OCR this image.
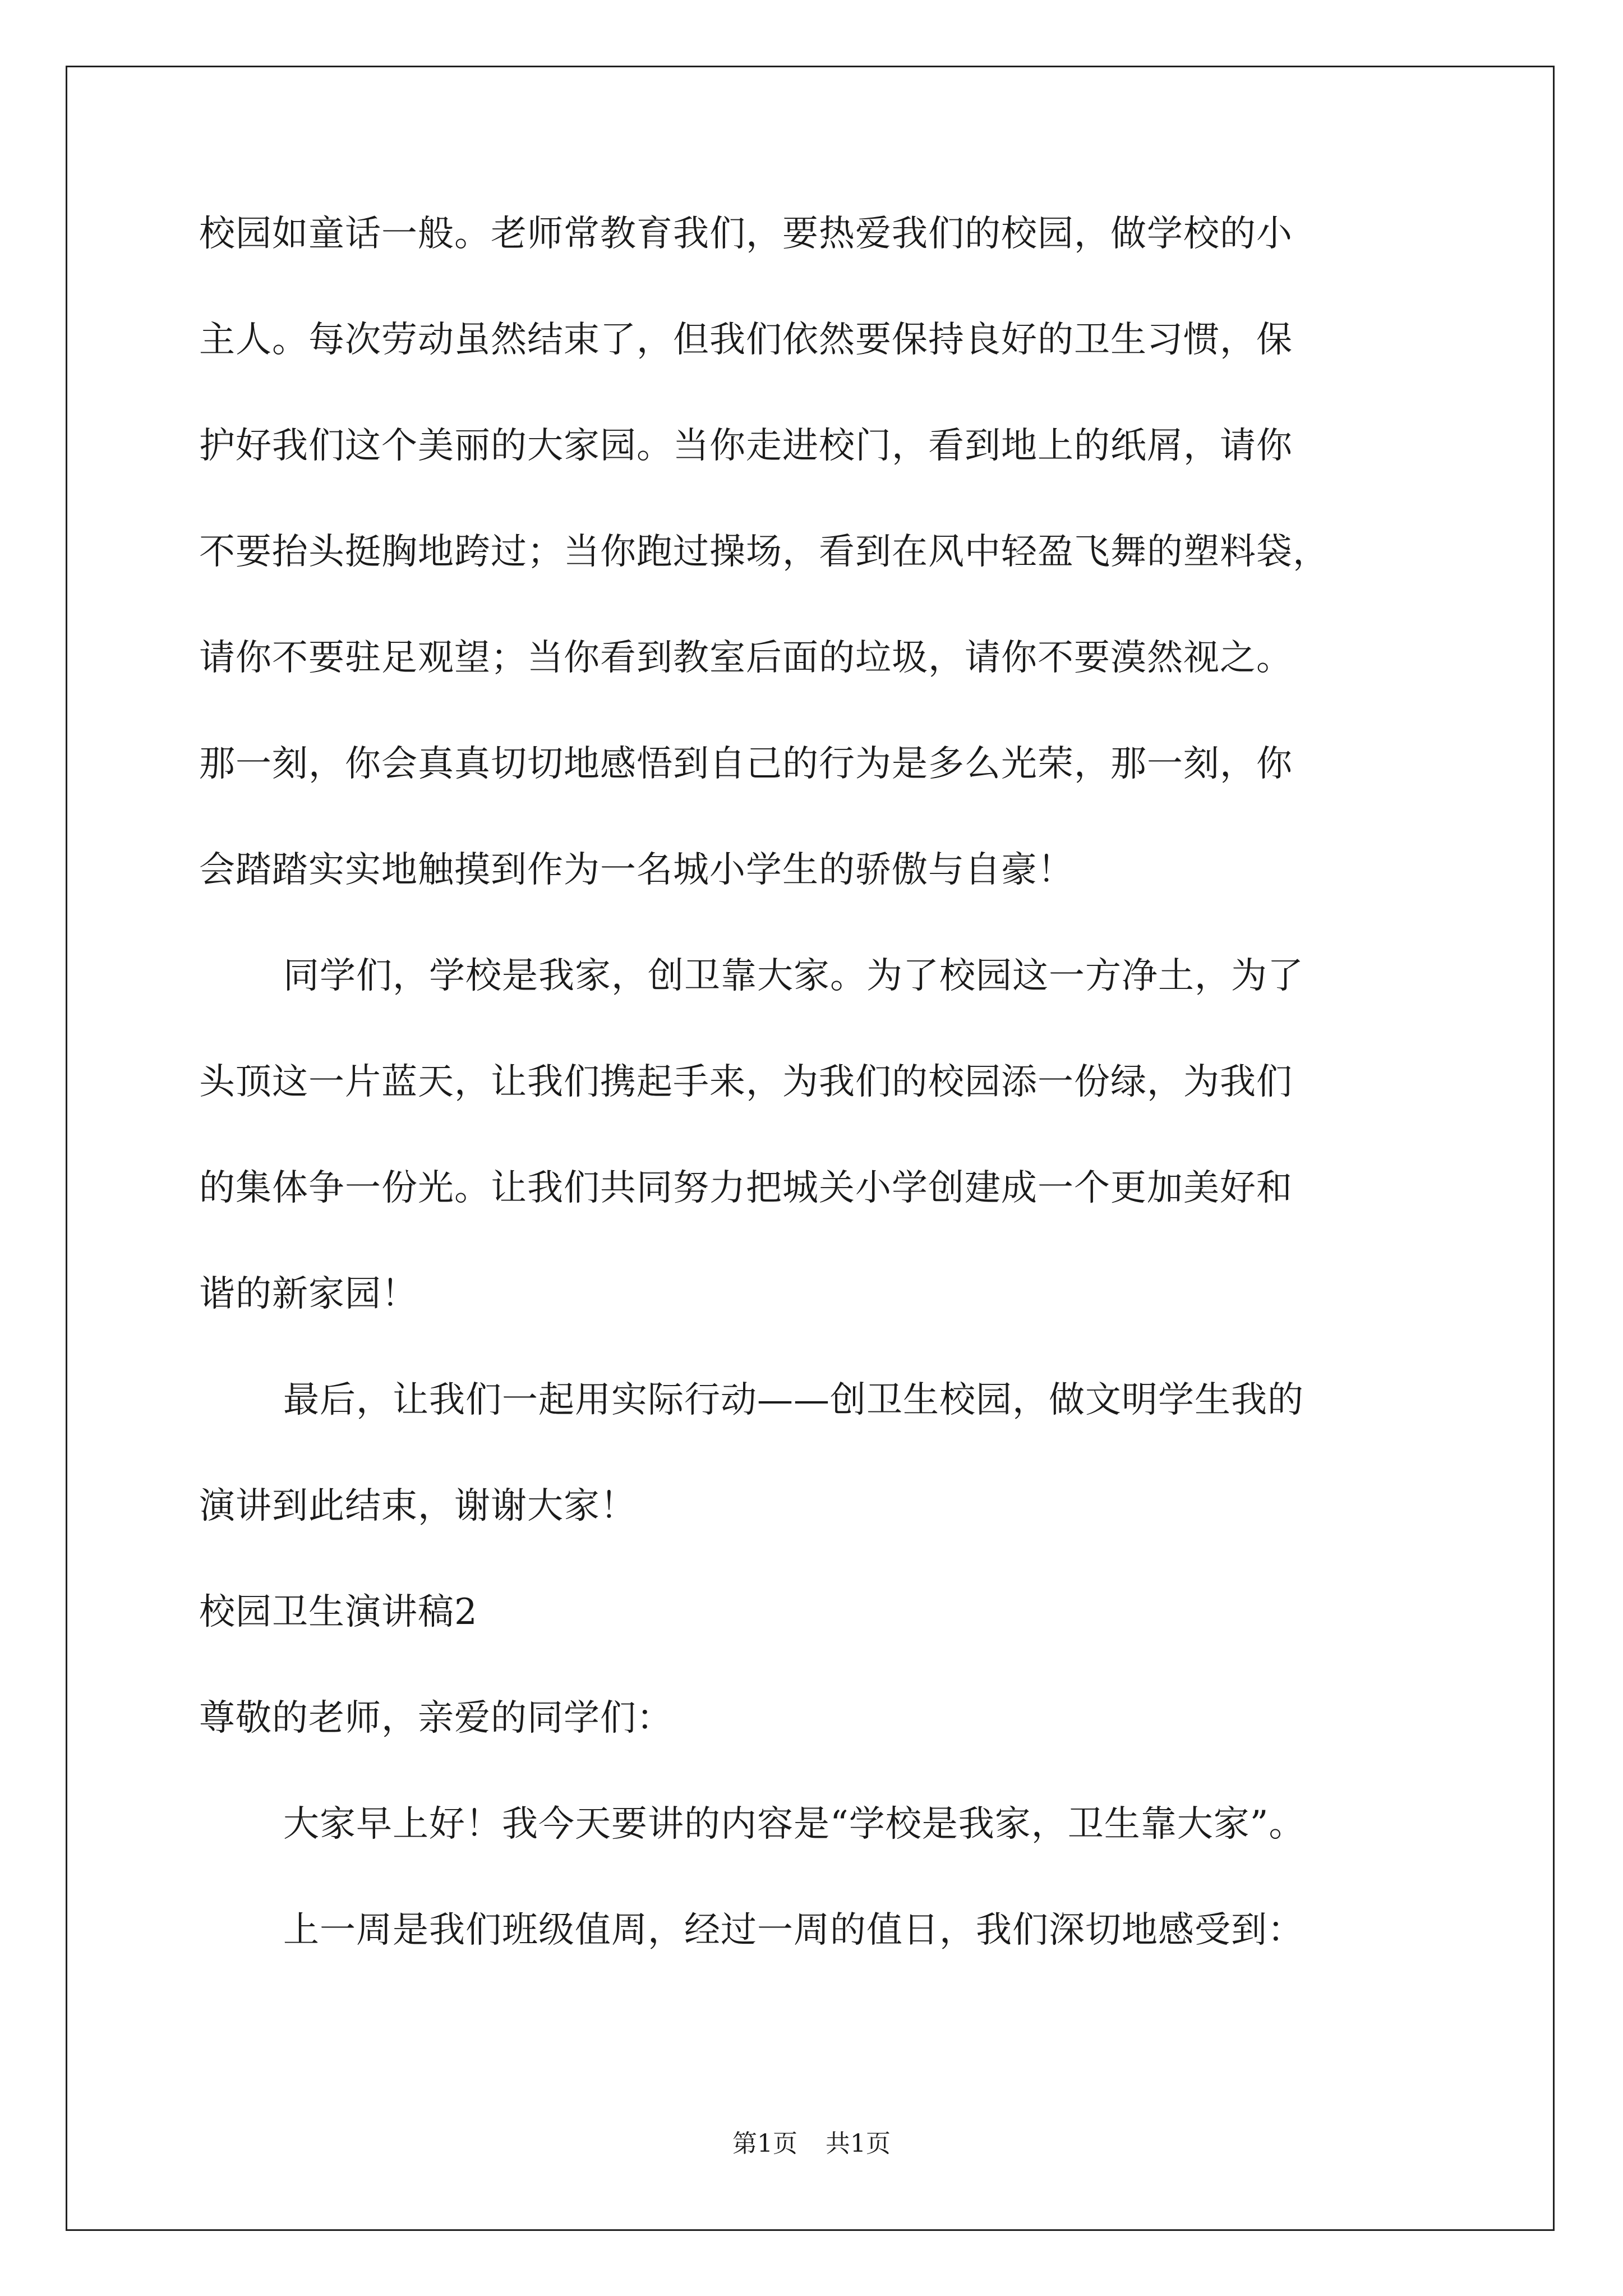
校园如童话一般。老师常教育我们，要热爱我们的校园，做学校的小
主人。每次劳动虽然结束了，但我们依然要保持良好的卫生习惯，保
护好我们这个美丽的大家园。当你走进校门，看到地上的纸屑，请你
不要抬头挺胸地跨过；当你跑过操场，看到在风中轻盈飞舞的塑料袋，
请你不要驻足观望；当你看到教室后面的垃圾，请你不要漠然视之。
那一刻，你会真真切切地感悟到自己的行为是多么光荣，那一刻，你
会踏踏实实地触摸到作为一名城小学生的骄傲与自豪！
同学们，学校是我家，创卫靠大家。为了校园这一方净土，为了
头顶这一片蓝天，让我们携起手来，为我们的校园添一份绿，为我们
的集体争一份光。让我们共同努力把城关小学创建成一个更加美好和
谐的新家园！
最后，让我们一起用实际行动——创卫生校园，做文明学生我的
演讲到此结束，谢谢大家！
校园卫生演讲稿2
尊敬的老师，亲爱的同学们：
大家早上好！我今天要讲的内容是“学校是我家，卫生靠大家”。
上一周是我们班级值周，经过一周的值日，我们深切地感受到：
第1页 共1页
